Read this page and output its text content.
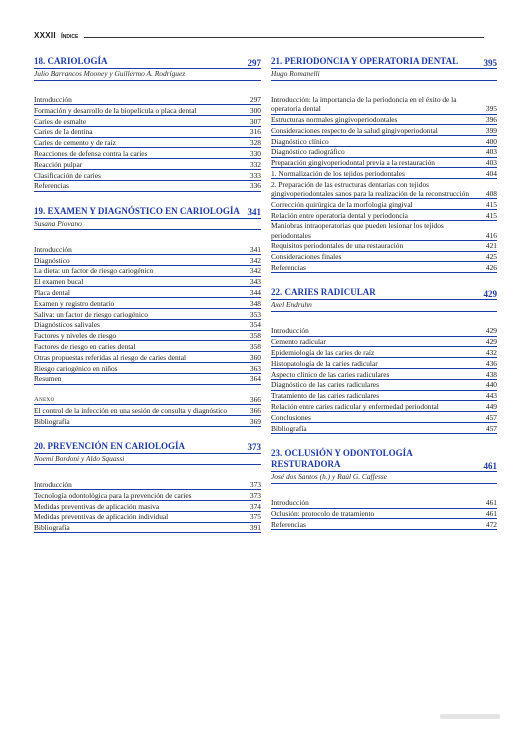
XXXII Índice
18. CARIOLOGÍA	297
Julio Barrancos Mooney y Guillermo A. Rodríguez
Introducción	297
Formación y desarrollo de la biopelícula o placa dental	300
Caries de esmalte	307
Caries de la dentina	316
Caries de cemento y de raíz	328
Reacciones de defensa contra la caries	330
Reacción pulpar	332
Clasificación de caries	333
Referencias	336
19. EXAMEN Y DIAGNÓSTICO EN CARIOLOGÍA 341
Susana Piovano
Introducción	341
Diagnóstico	342
La dieta: un factor de riesgo cariogénico	342
El examen bucal	343
Placa dental	344
Examen y registro dentario	348
Saliva: un factor de riesgo cariogénico	353
Diagnósticos salivales	354
Factores y niveles de riesgo	358
Factores de riesgo en caries dental	358
Otras propuestas referidas al riesgo de caries dental	360
Riesgo cariogénico en niños	363
Resumen	364
Anexo	366
El control de la infección en una sesión de consulta y diagnóstico	366
Bibliografía	369
20. PREVENCIÓN EN CARIOLOGÍA	373
Noemí Bordoni y Aldo Squassi
Introducción	373
Tecnología odontológica para la prevención de caries	373
Medidas preventivas de aplicación masiva	374
Medidas preventivas de aplicación individual	375
Bibliografía	391
21. PERIODONCIA Y OPERATORIA DENTAL	395
Hugo Romanelli
Introducción: la importancia de la periodoncia en el éxito de la operatoria dental	395
Estructuras normales gingivoperiodontales	396
Consideraciones respecto de la salud gingivoperiodontal	399
Diagnóstico clínico	400
Diagnóstico radiográfico	403
Preparación gingivoperiodontal previa a la restauración	403
1. Normalización de los tejidos periodontales	404
2. Preparación de las estructuras dentarias con tejidos gingivoperiodontales sanos para la realización de la reconstrucción	408
Corrección quirúrgica de la morfología gingival	415
Relación entre operatoria dental y periodoncia	415
Maniobras intraoperatorias que pueden lesionar los tejidos periodontales	416
Requisitos periodontales de una restauración	421
Consideraciones finales	425
Referencias	426
22. CARIES RADICULAR	429
Axel Endruhn
Introducción	429
Cemento radicular	429
Epidemiología de las caries de raíz	432
Histopatología de la caries radicular	436
Aspecto clínico de las caries radiculares	438
Diagnóstico de las caries radiculares	440
Tratamiento de las caries radiculares	443
Relación entre caries radicular y enfermedad periodontal	449
Conclusiones	457
Bibliografía	457
23. OCLUSIÓN Y ODONTOLOGÍA RESTURADORA	461
José dos Santos (h.) y Raúl G. Caffesse
Introducción	461
Oclusión: protocolo de tratamiento	461
Referencias	472
